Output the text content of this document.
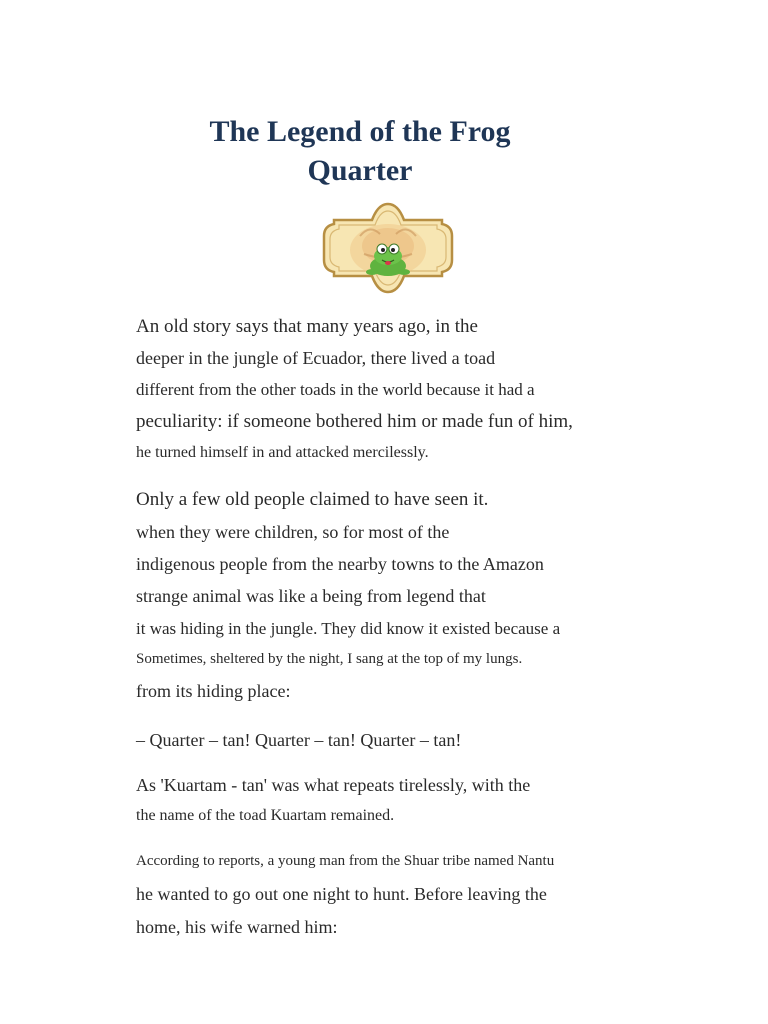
The Legend of the Frog
Quarter

An old story says that many years ago, in the

deeper in the jungle of Ecuador, there lived a toad

different from the other toads in the world because it had a

peculiarity: if someone bothered him or made fun of him,

he turned himself in and attacked mercilessly.

Only a few old people claimed to have seen it.

when they were children, so for most of the

indigenous people from the nearby towns to the Amazon

strange animal was like a being from legend that

it was hiding in the jungle. They did know it existed because a

Sometimes, sheltered by the night, I sang at the top of my lungs.

from its hiding place:

– Quarter – tan! Quarter – tan! Quarter – tan!

As 'Kuartam - tan' was what repeats tirelessly, with the

the name of the toad Kuartam remained.

According to reports, a young man from the Shuar tribe named Nantu

he wanted to go out one night to hunt. Before leaving the

home, his wife warned him:
